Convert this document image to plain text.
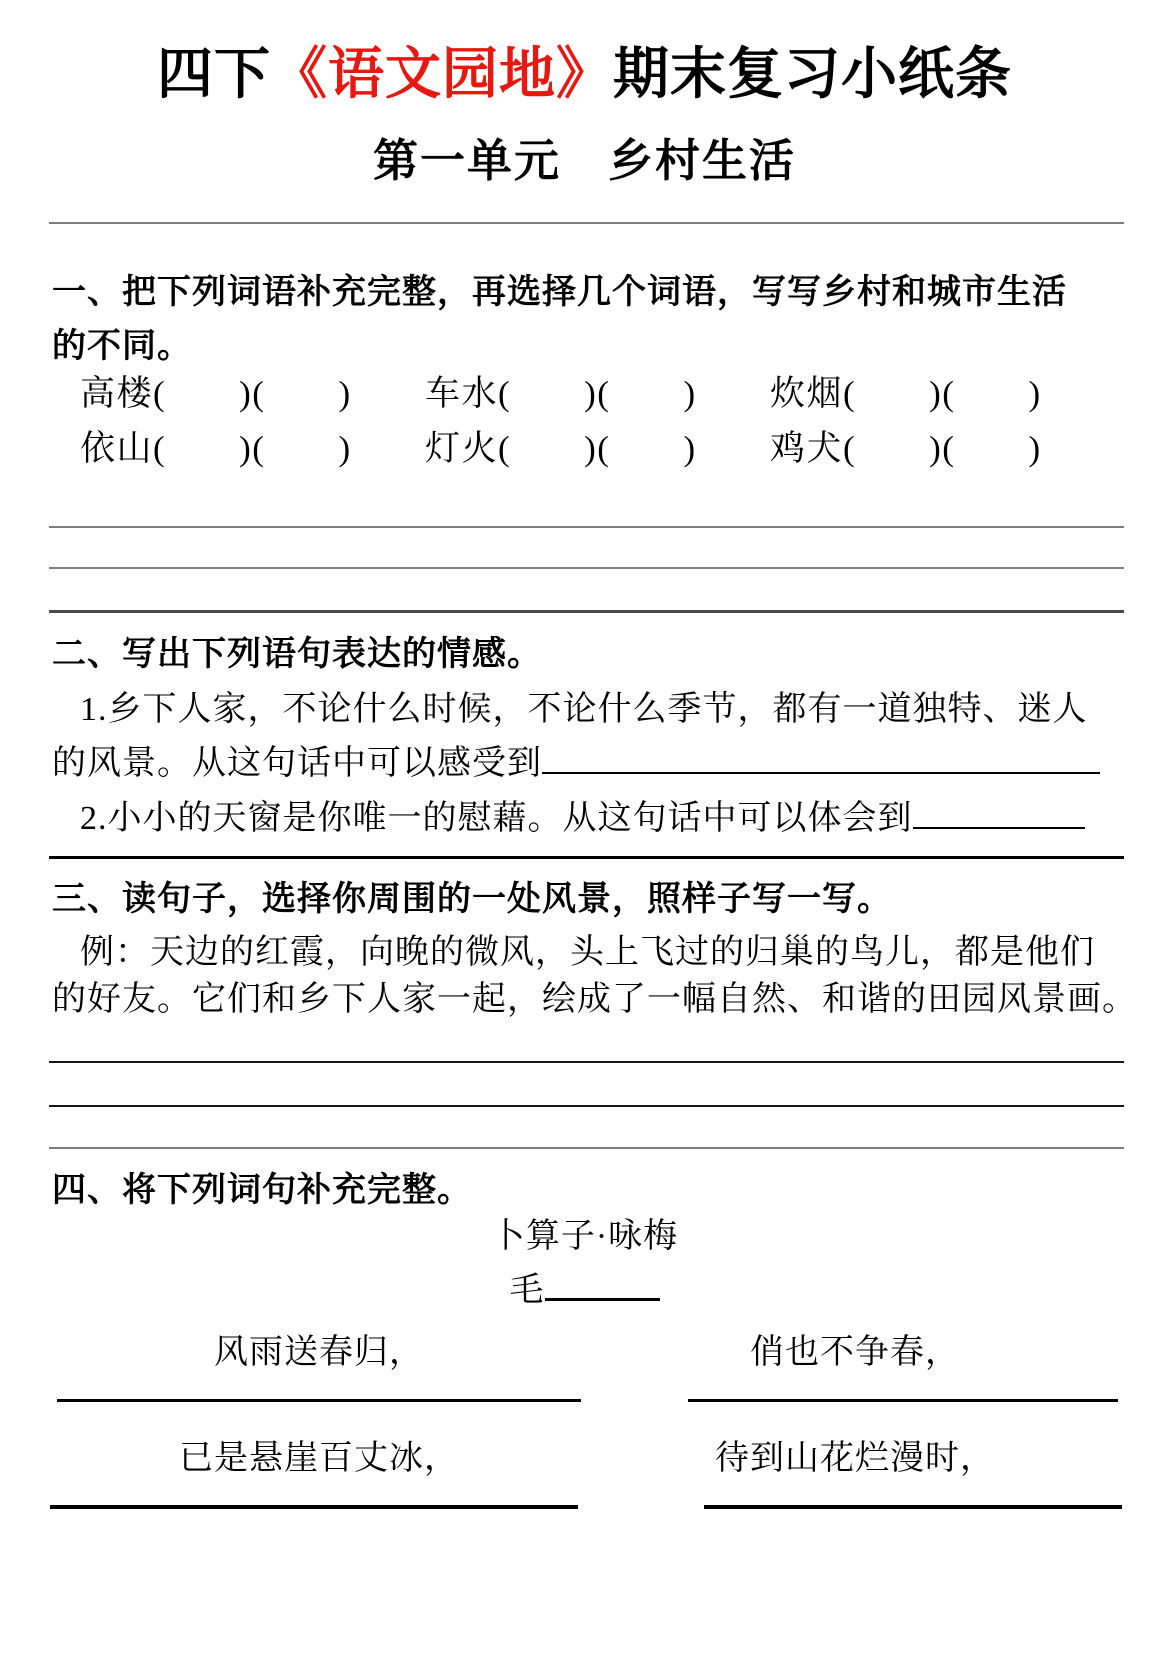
四下《语文园地》期末复习小纸条
第一单元　乡村生活
一、把下列词语补充完整，再选择几个词语，写写乡村和城市生活
的不同。
高楼(　　)(　　)	车水(　　)(　　)	炊烟(　　)(　　)
依山(　　)(　　)	灯火(　　)(　　)	鸡犬(　　)(　　)
二、写出下列语句表达的情感。
1.乡下人家，不论什么时候，不论什么季节，都有一道独特、迷人
的风景。从这句话中可以感受到
2.小小的天窗是你唯一的慰藉。从这句话中可以体会到
三、读句子，选择你周围的一处风景，照样子写一写。
例：天边的红霞，向晚的微风，头上飞过的归巢的鸟儿，都是他们
的好友。它们和乡下人家一起，绘成了一幅自然、和谐的田园风景画。
四、将下列词句补充完整。
卜算子·咏梅
毛
风雨送春归，	俏也不争春，
已是悬崖百丈冰，	待到山花烂漫时，
